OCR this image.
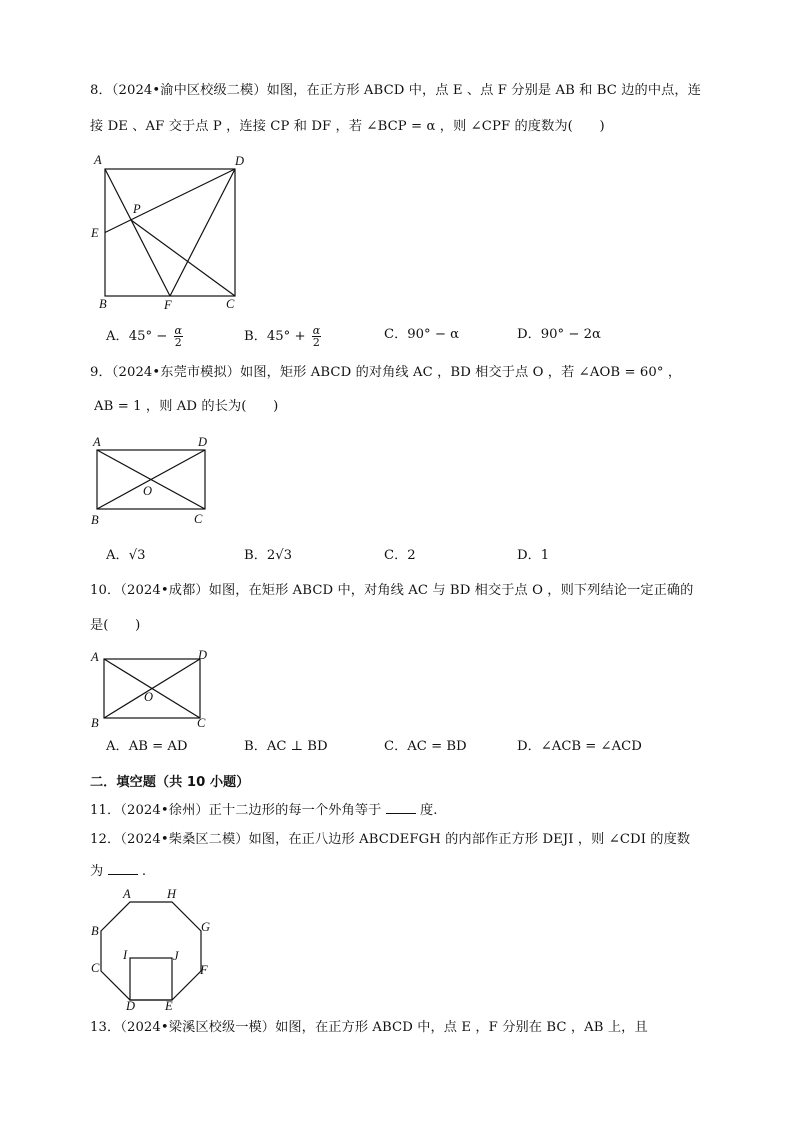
8．（2024•渝中区校级二模）如图，在正方形 ABCD 中，点 E 、点 F 分别是 AB 和 BC 边的中点，连
接 DE 、AF 交于点 P ，连接 CP 和 DF ，若 ∠BCP = α ，则 ∠CPF 的度数为(　　)
A	D
P
E
B	F	C
A．$45^\circ - \frac{\alpha}{2}$	B．$45^\circ + \frac{\alpha}{2}$	C．90° − α	D．90° − 2α
9．（2024•东莞市模拟）如图，矩形 ABCD 的对角线 AC ，BD 相交于点 O ，若 ∠AOB = 60° ，
AB = 1 ，则 AD 的长为(　　)
A	D
O
B	C
A．√3	B．2√3	C．2	D．1
10．（2024•成都）如图，在矩形 ABCD 中，对角线 AC 与 BD 相交于点 O ，则下列结论一定正确的
是(　　)
A	D
O
B	C
A．AB = AD	B．AC ⊥ BD	C．AC = BD	D．∠ACB = ∠ACD
二．填空题（共 10 小题）
11．（2024•徐州）正十二边形的每一个外角等于	度.
12．（2024•柴桑区二模）如图，在正八边形 ABCDEFGH 的内部作正方形 DEJI ，则 ∠CDI 的度数
为	.
A	H
B	G
C	F
I	J
D E
13．（2024•梁溪区校级一模）如图，在正方形 ABCD 中，点 E ，F 分别在 BC ，AB 上，且
